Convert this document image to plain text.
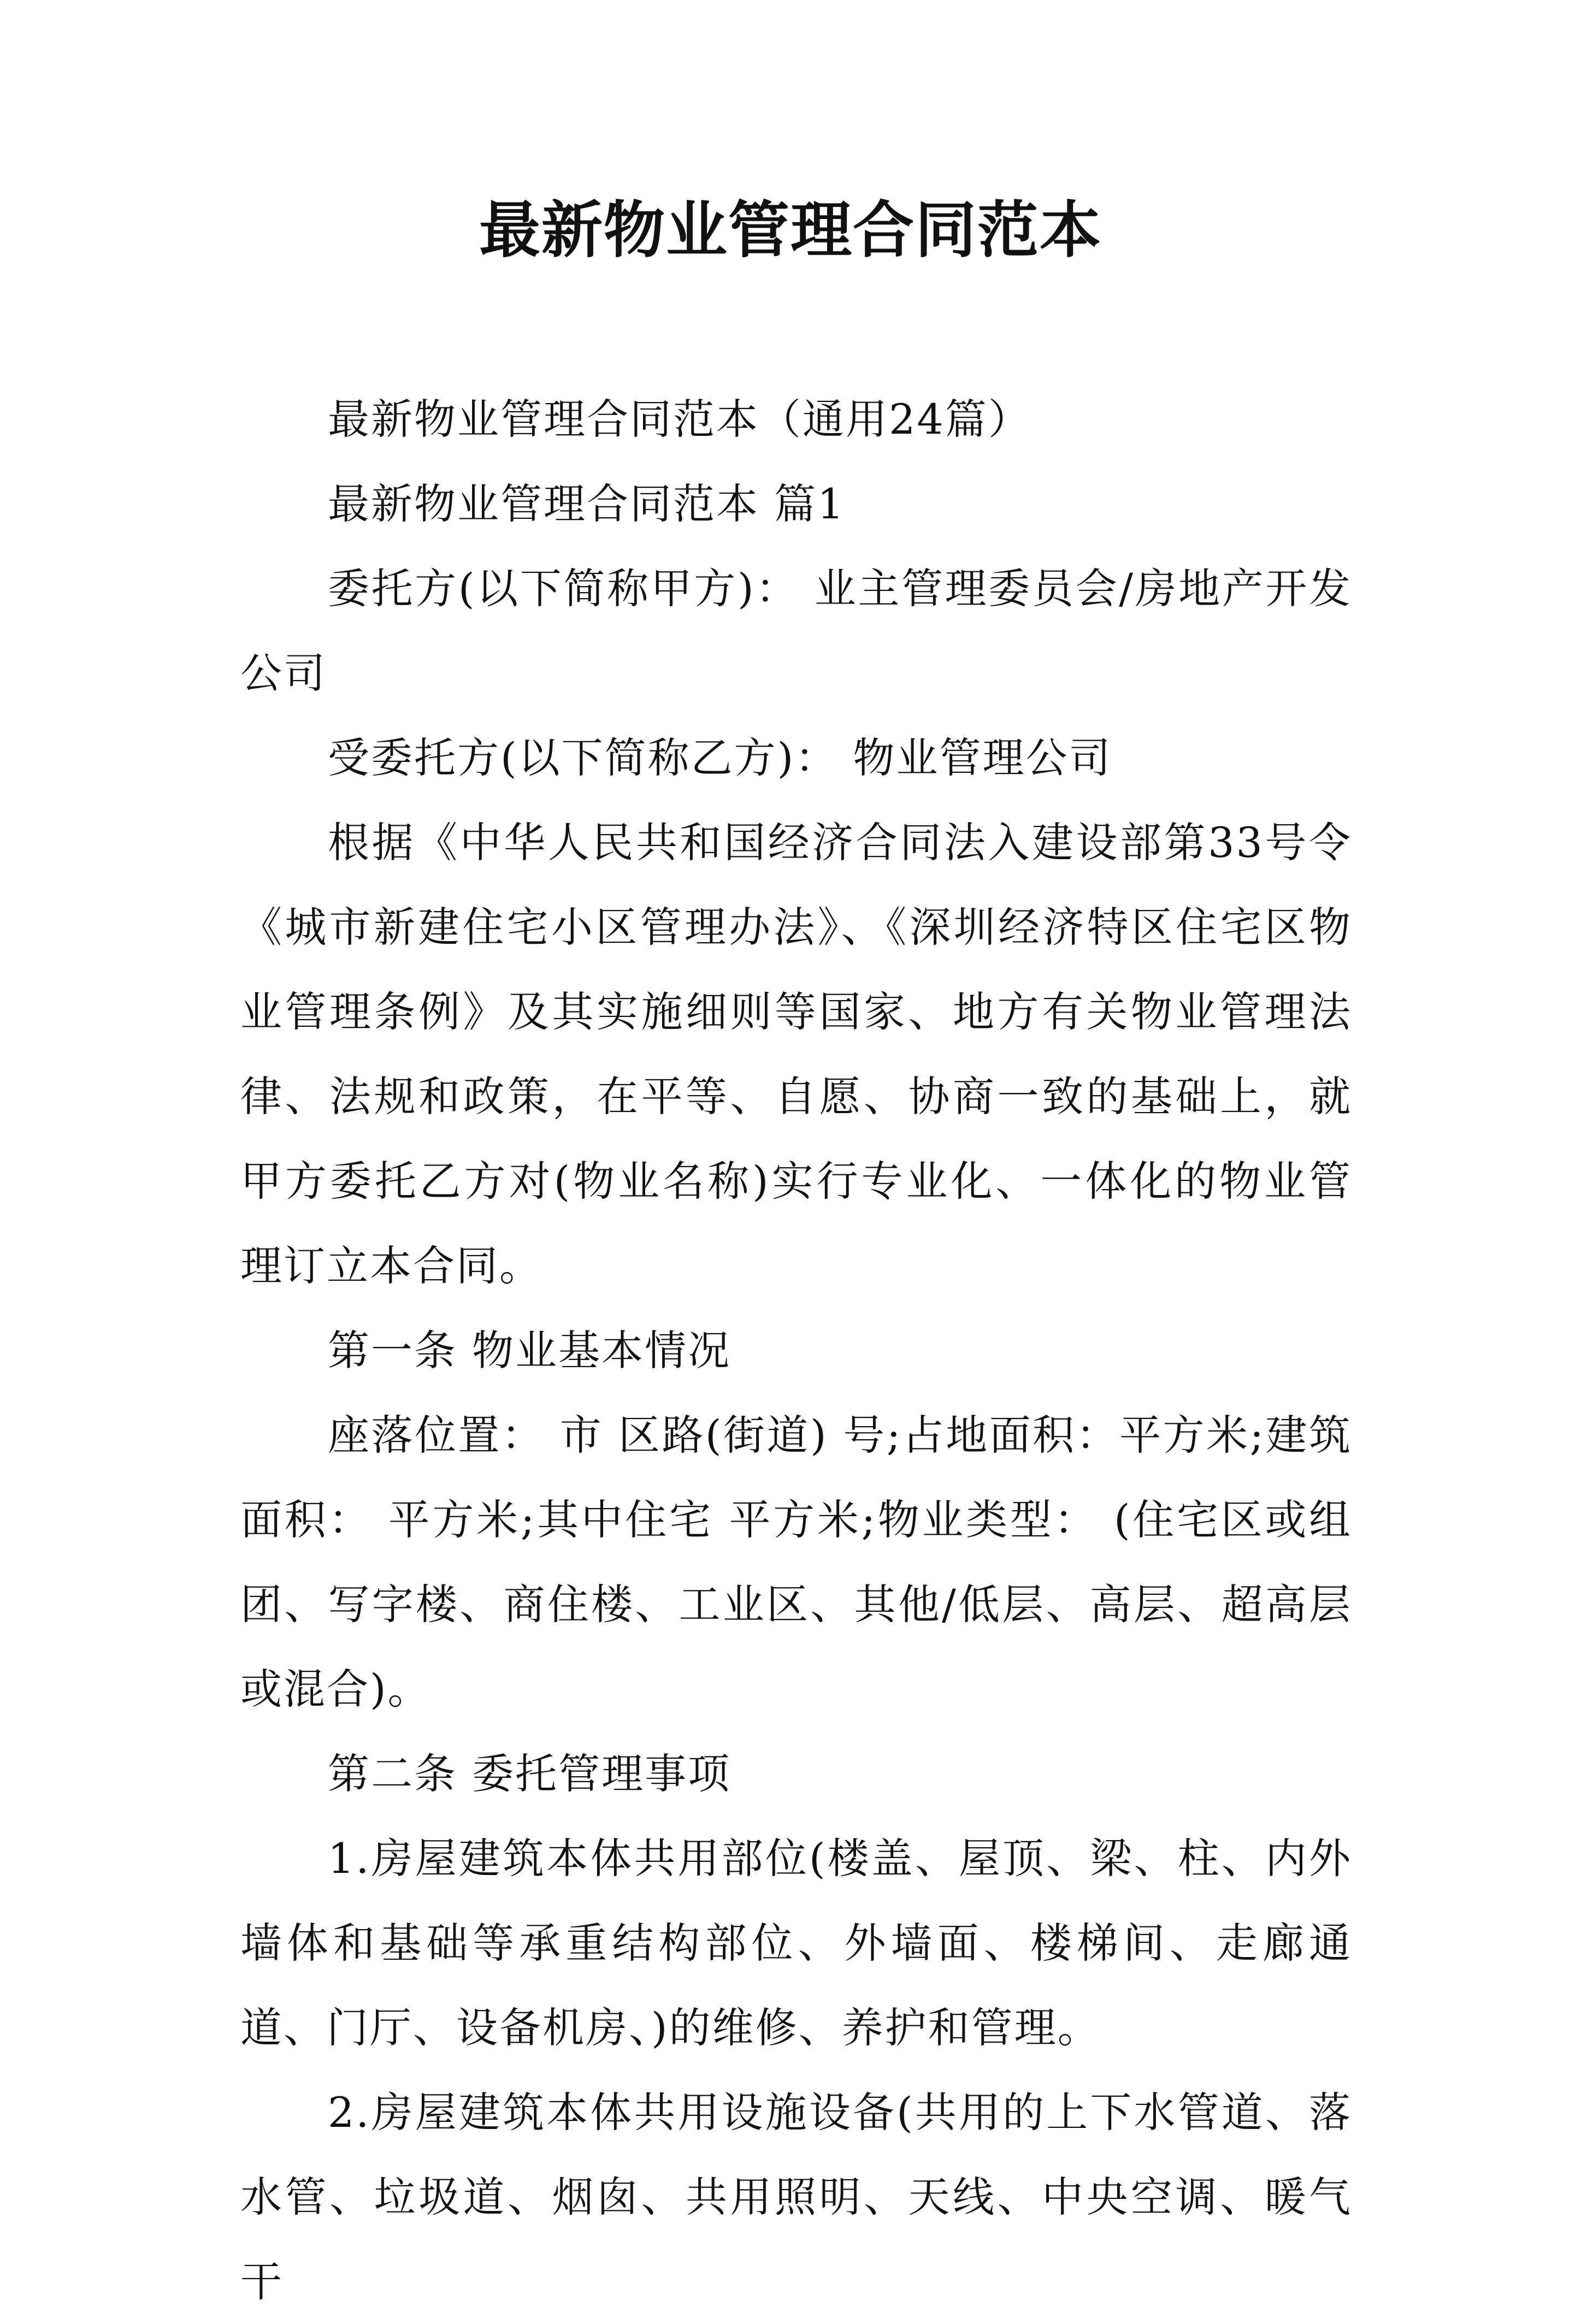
最新物业管理合同范本

最新物业管理合同范本（通用24篇）

最新物业管理合同范本 篇1

委托方(以下简称甲方)： 业主管理委员会/房地产开发公司

受委托方(以下简称乙方)： 物业管理公司

根据《中华人民共和国经济合同法入建设部第33号令《城市新建住宅小区管理办法》、《深圳经济特区住宅区物业管理条例》及其实施细则等国家、地方有关物业管理法律、法规和政策，在平等、自愿、协商一致的基础上，就甲方委托乙方对(物业名称)实行专业化、一体化的物业管理订立本合同。

第一条 物业基本情况

座落位置： 市 区路(街道) 号;占地面积：平方米;建筑面积： 平方米;其中住宅 平方米;物业类型： (住宅区或组团、写字楼、商住楼、工业区、其他/低层、高层、超高层或混合)。

第二条 委托管理事项

1.房屋建筑本体共用部位(楼盖、屋顶、梁、柱、内外墙体和基础等承重结构部位、外墙面、楼梯间、走廊通道、门厅、设备机房、)的维修、养护和管理。

2.房屋建筑本体共用设施设备(共用的上下水管道、落水管、垃圾道、烟囱、共用照明、天线、中央空调、暖气干
